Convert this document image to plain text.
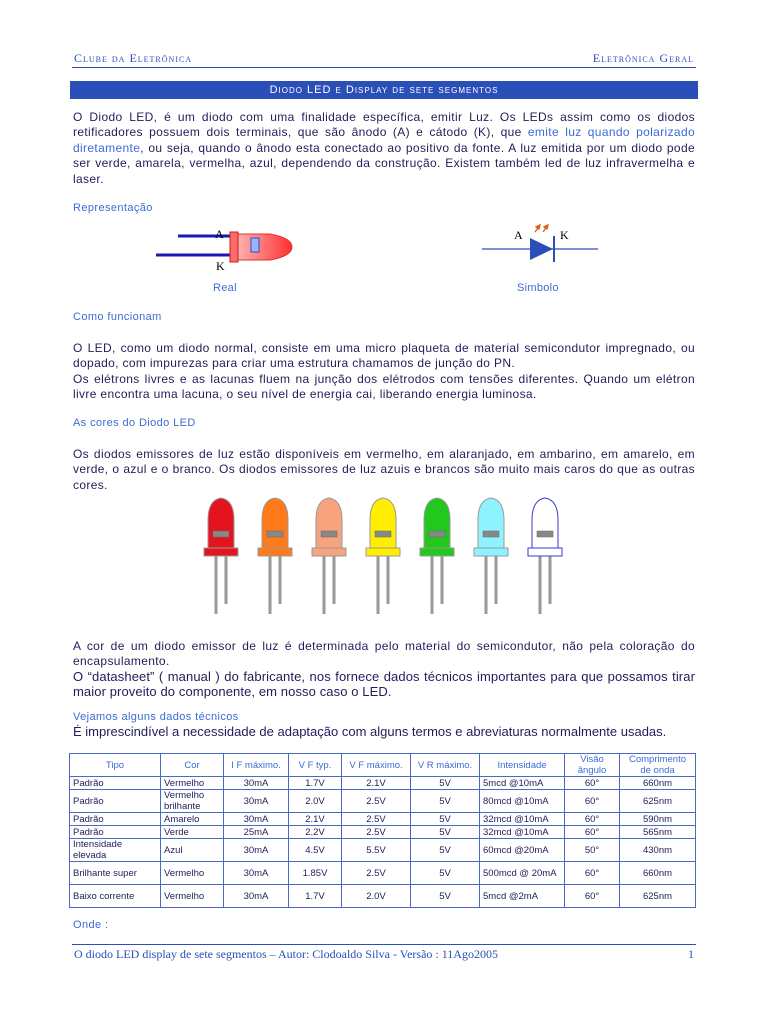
Clube da Eletrônica	Eletrônica Geral
Diodo LED e Display de sete segmentos

O Diodo LED, é um diodo com uma finalidade específica, emitir Luz. Os LEDs assim como os diodos retificadores possuem dois terminais, que são ânodo (A) e cátodo (K), que emite luz quando polarizado diretamente, ou seja, quando o ânodo esta conectado ao positivo da fonte. A luz emitida por um diodo pode ser verde, amarela, vermelha, azul, dependendo da construção. Existem também led de luz infravermelha e laser.

Representação
A
K
Real
A	K
Simbolo
Como funcionam

O LED, como um diodo normal, consiste em uma micro plaqueta de material semicondutor impregnado, ou dopado, com impurezas para criar uma estrutura chamamos de junção do PN.

Os elétrons livres e as lacunas fluem na junção dos elétrodos com tensões diferentes. Quando um elétron livre encontra uma lacuna, o seu nível de energia cai, liberando energia luminosa.

As cores do Diodo LED

Os diodos emissores de luz estão disponíveis em vermelho, em alaranjado, em ambarino, em amarelo, em verde, o azul e o branco. Os diodos emissores de luz azuis e brancos são muito mais caros do que as outras cores.

A cor de um diodo emissor de luz é determinada pelo material do semicondutor, não pela coloração do encapsulamento.

O “datasheet” ( manual ) do fabricante, nos fornece dados técnicos importantes para que possamos tirar maior proveito do componente, em nosso caso o LED.

Vejamos alguns dados técnicos

É imprescindível a necessidade de adaptação com alguns termos e abreviaturas normalmente usadas.

Tipo	Cor	I F máximo.	V F typ.	V F máximo.	V R máximo.	Intensidade	Visão ângulo	Comprimento de onda
Padrão	Vermelho	30mA	1.7V	2.1V	5V	5mcd @10mA	60°	660nm
Padrão	Vermelho brilhante	30mA	2.0V	2.5V	5V	80mcd @10mA	60°	625nm
Padrão	Amarelo	30mA	2.1V	2.5V	5V	32mcd @10mA	60°	590nm
Padrão	Verde	25mA	2.2V	2.5V	5V	32mcd @10mA	60°	565nm
Intensidade elevada	Azul	30mA	4.5V	5.5V	5V	60mcd @20mA	50°	430nm
Brilhante super	Vermelho	30mA	1.85V	2.5V	5V	500mcd @ 20mA	60°	660nm
Baixo corrente	Vermelho	30mA	1.7V	2.0V	5V	5mcd @2mA	60°	625nm
Onde :
O diodo LED display de sete segmentos – Autor: Clodoaldo Silva - Versão : 11Ago2005	1
